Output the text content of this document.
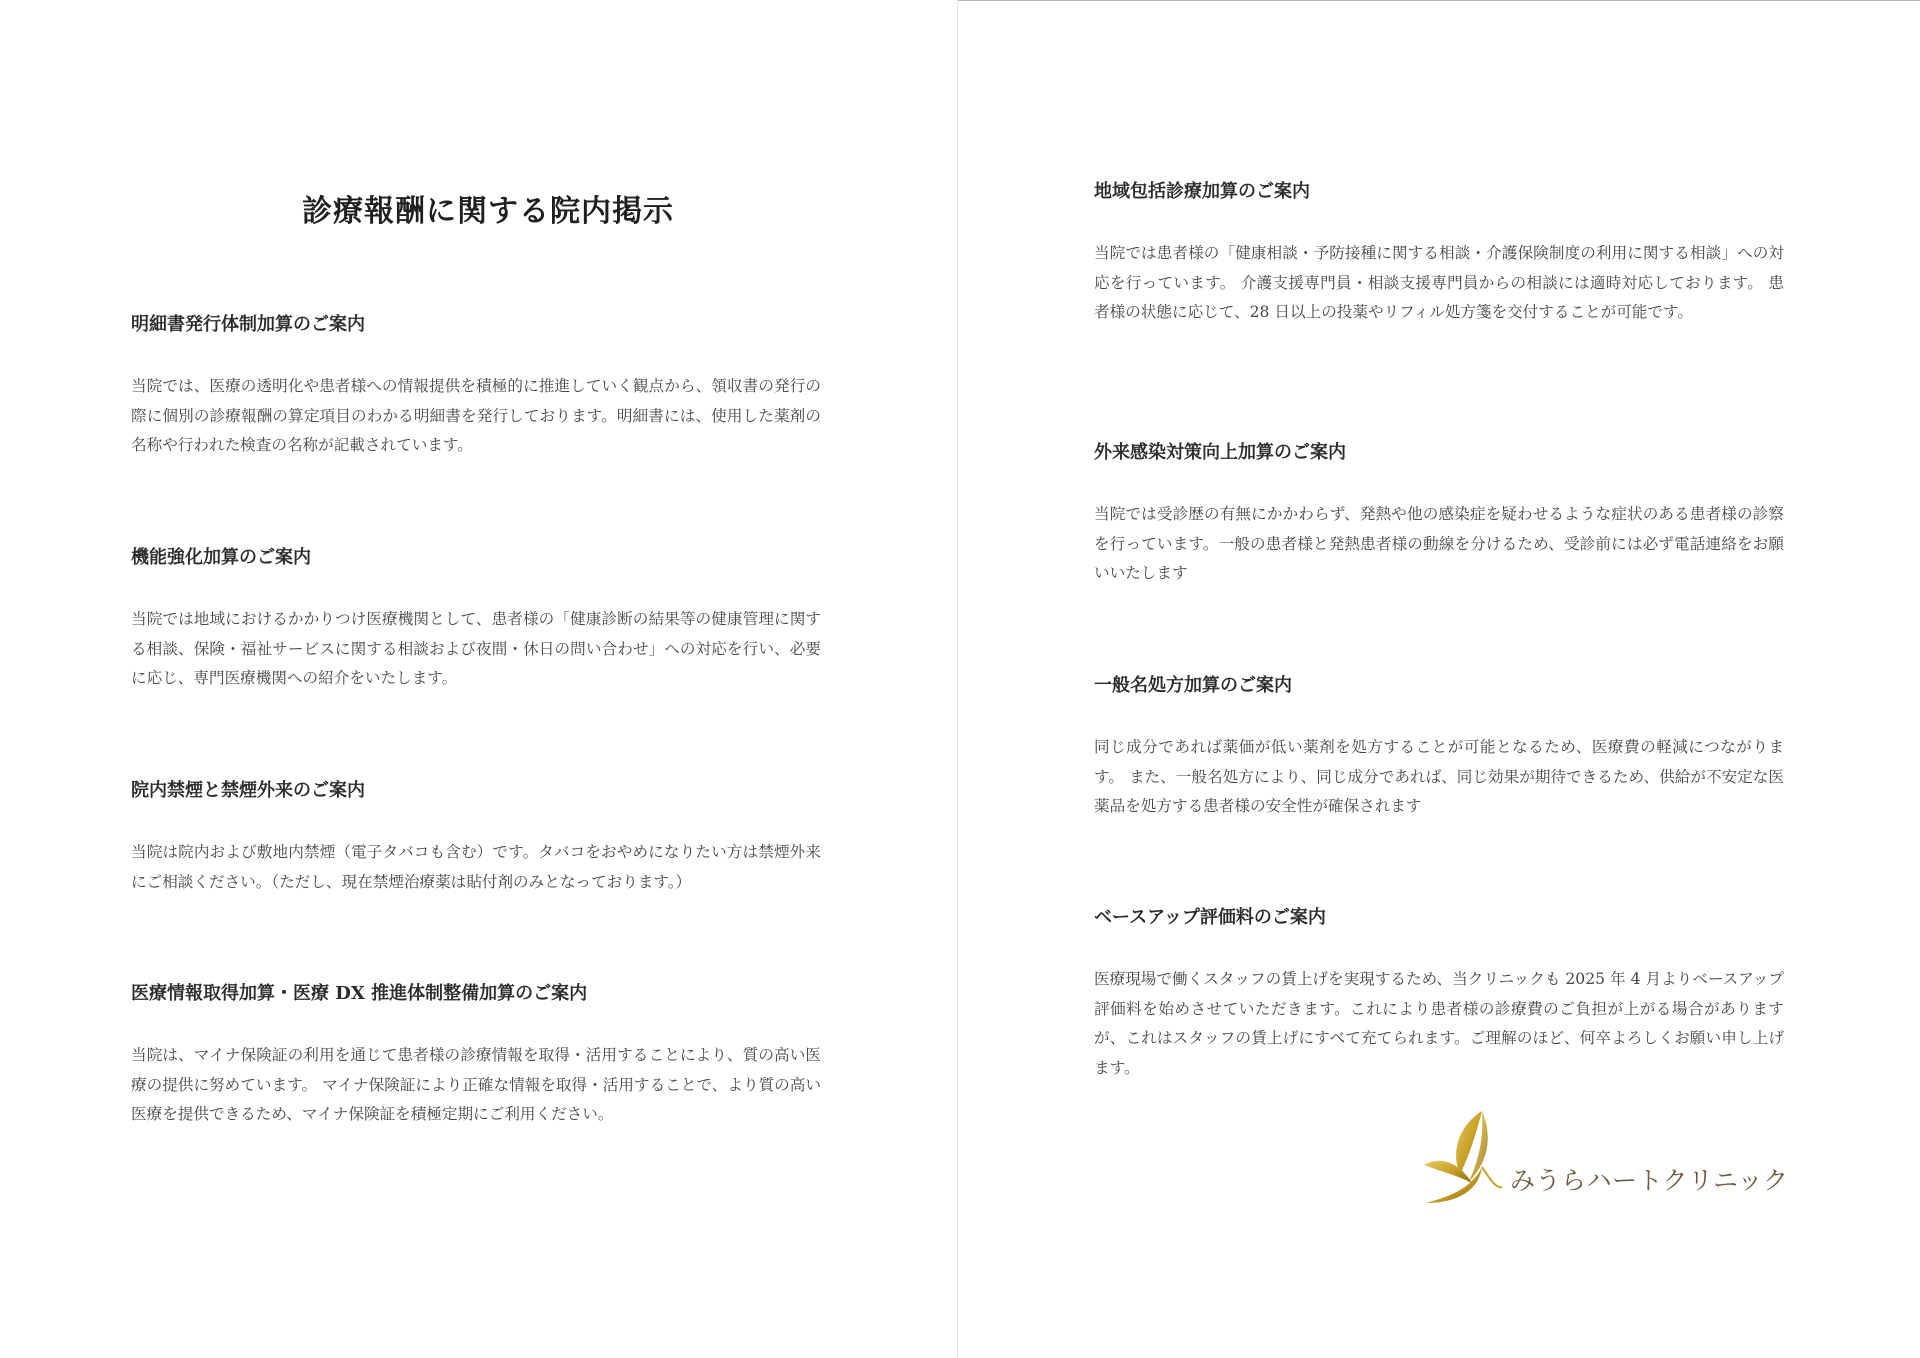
診療報酬に関する院内掲示
明細書発行体制加算のご案内

当院では、医療の透明化や患者様への情報提供を積極的に推進していく観点から、領収書の発行の際に個別の診療報酬の算定項目のわかる明細書を発行しております。明細書には、使用した薬剤の名称や行われた検査の名称が記載されています。

機能強化加算のご案内

当院では地域におけるかかりつけ医療機関として、患者様の「健康診断の結果等の健康管理に関する相談、保険・福祉サービスに関する相談および夜間・休日の問い合わせ」への対応を行い、必要に応じ、専門医療機関への紹介をいたします。

院内禁煙と禁煙外来のご案内

当院は院内および敷地内禁煙（電子タバコも含む）です。タバコをおやめになりたい方は禁煙外来にご相談ください。（ただし、現在禁煙治療薬は貼付剤のみとなっております。）

医療情報取得加算・医療 DX 推進体制整備加算のご案内

当院は、マイナ保険証の利用を通じて患者様の診療情報を取得・活用することにより、質の高い医療の提供に努めています。 マイナ保険証により正確な情報を取得・活用することで、より質の高い医療を提供できるため、マイナ保険証を積極定期にご利用ください。

地域包括診療加算のご案内

当院では患者様の「健康相談・予防接種に関する相談・介護保険制度の利用に関する相談」への対応を行っています。 介護支援専門員・相談支援専門員からの相談には適時対応しております。 患者様の状態に応じて、28 日以上の投薬やリフィル処方箋を交付することが可能です。

外来感染対策向上加算のご案内

当院では受診歴の有無にかかわらず、発熱や他の感染症を疑わせるような症状のある患者様の診察を行っています。一般の患者様と発熱患者様の動線を分けるため、受診前には必ず電話連絡をお願いいたします

一般名処方加算のご案内

同じ成分であれば薬価が低い薬剤を処方することが可能となるため、医療費の軽減につながります。 また、一般名処方により、同じ成分であれば、同じ効果が期待できるため、供給が不安定な医薬品を処方する患者様の安全性が確保されます

ベースアップ評価料のご案内

医療現場で働くスタッフの賃上げを実現するため、当クリニックも 2025 年 4 月よりベースアップ評価料を始めさせていただきます。これにより患者様の診療費のご負担が上がる場合がありますが、これはスタッフの賃上げにすべて充てられます。ご理解のほど、何卒よろしくお願い申し上げます。

みうらハートクリニック
